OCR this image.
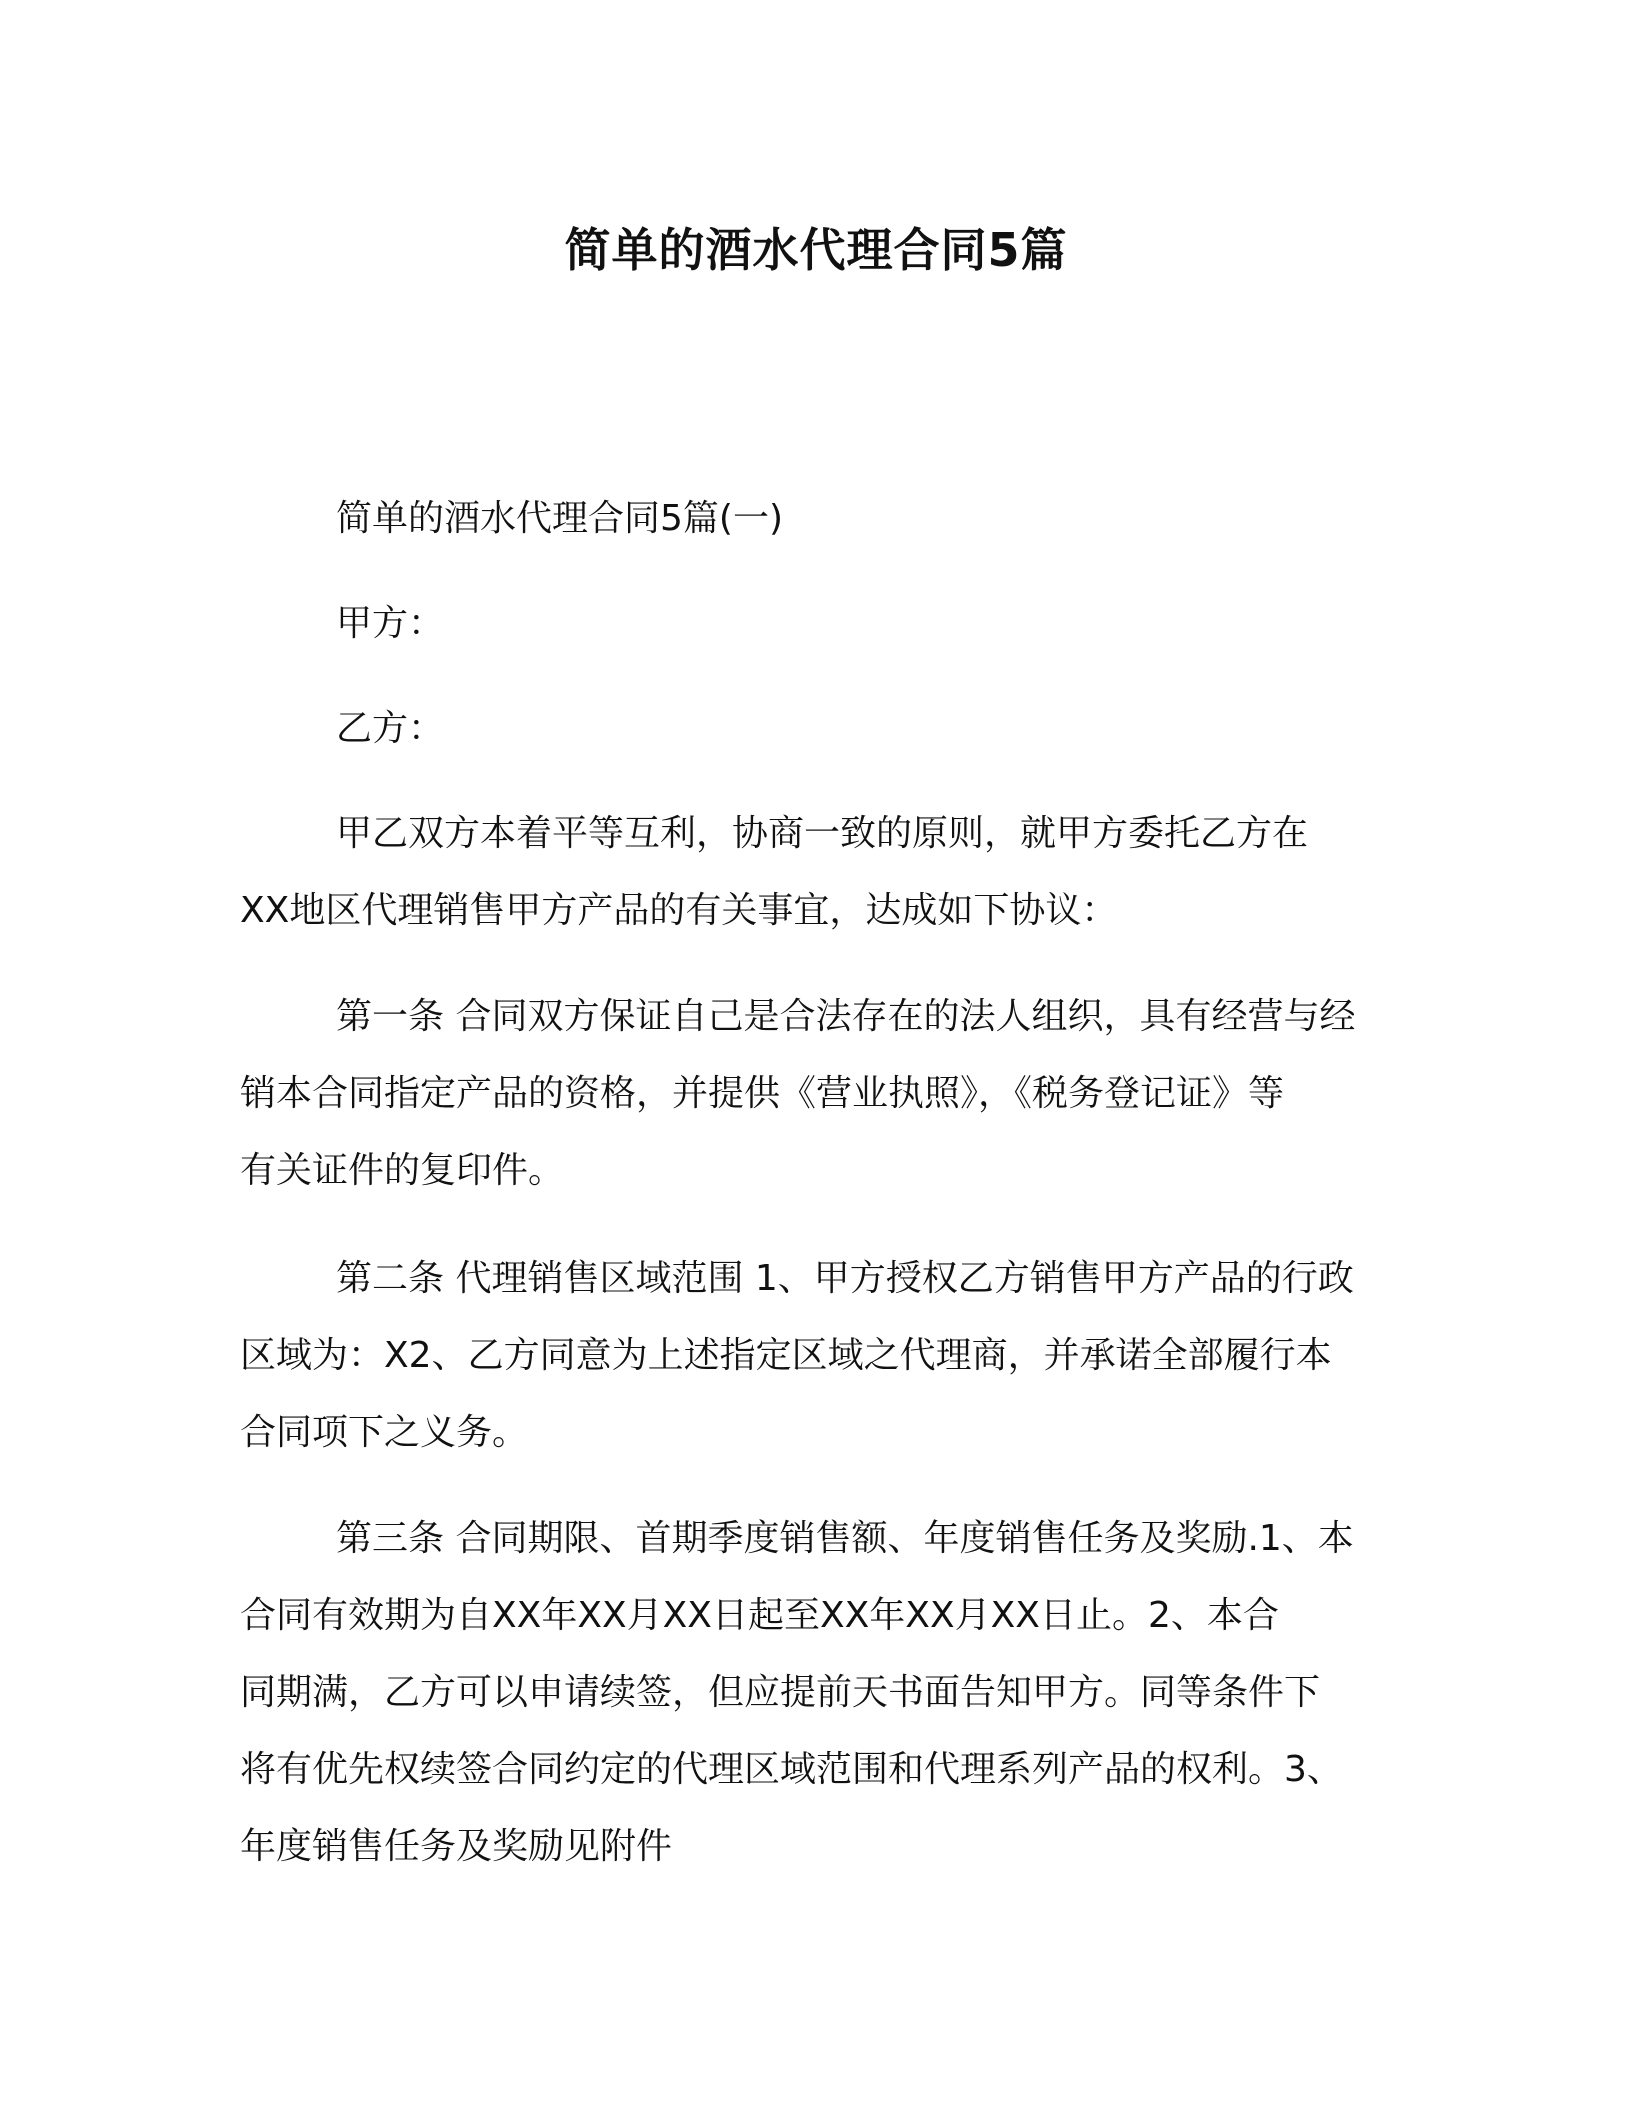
简单的酒水代理合同5篇
简单的酒水代理合同5篇(一)
甲方：
乙方：
甲乙双方本着平等互利，协商一致的原则，就甲方委托乙方在
XX地区代理销售甲方产品的有关事宜，达成如下协议：
第一条 合同双方保证自己是合法存在的法人组织，具有经营与经
销本合同指定产品的资格，并提供《营业执照》，《税务登记证》等
有关证件的复印件。
第二条 代理销售区域范围 1、甲方授权乙方销售甲方产品的行政
区域为：X2、乙方同意为上述指定区域之代理商，并承诺全部履行本
合同项下之义务。
第三条 合同期限、首期季度销售额、年度销售任务及奖励.1、本
合同有效期为自XX年XX月XX日起至XX年XX月XX日止。2、本合
同期满，乙方可以申请续签，但应提前天书面告知甲方。同等条件下
将有优先权续签合同约定的代理区域范围和代理系列产品的权利。3、
年度销售任务及奖励见附件
